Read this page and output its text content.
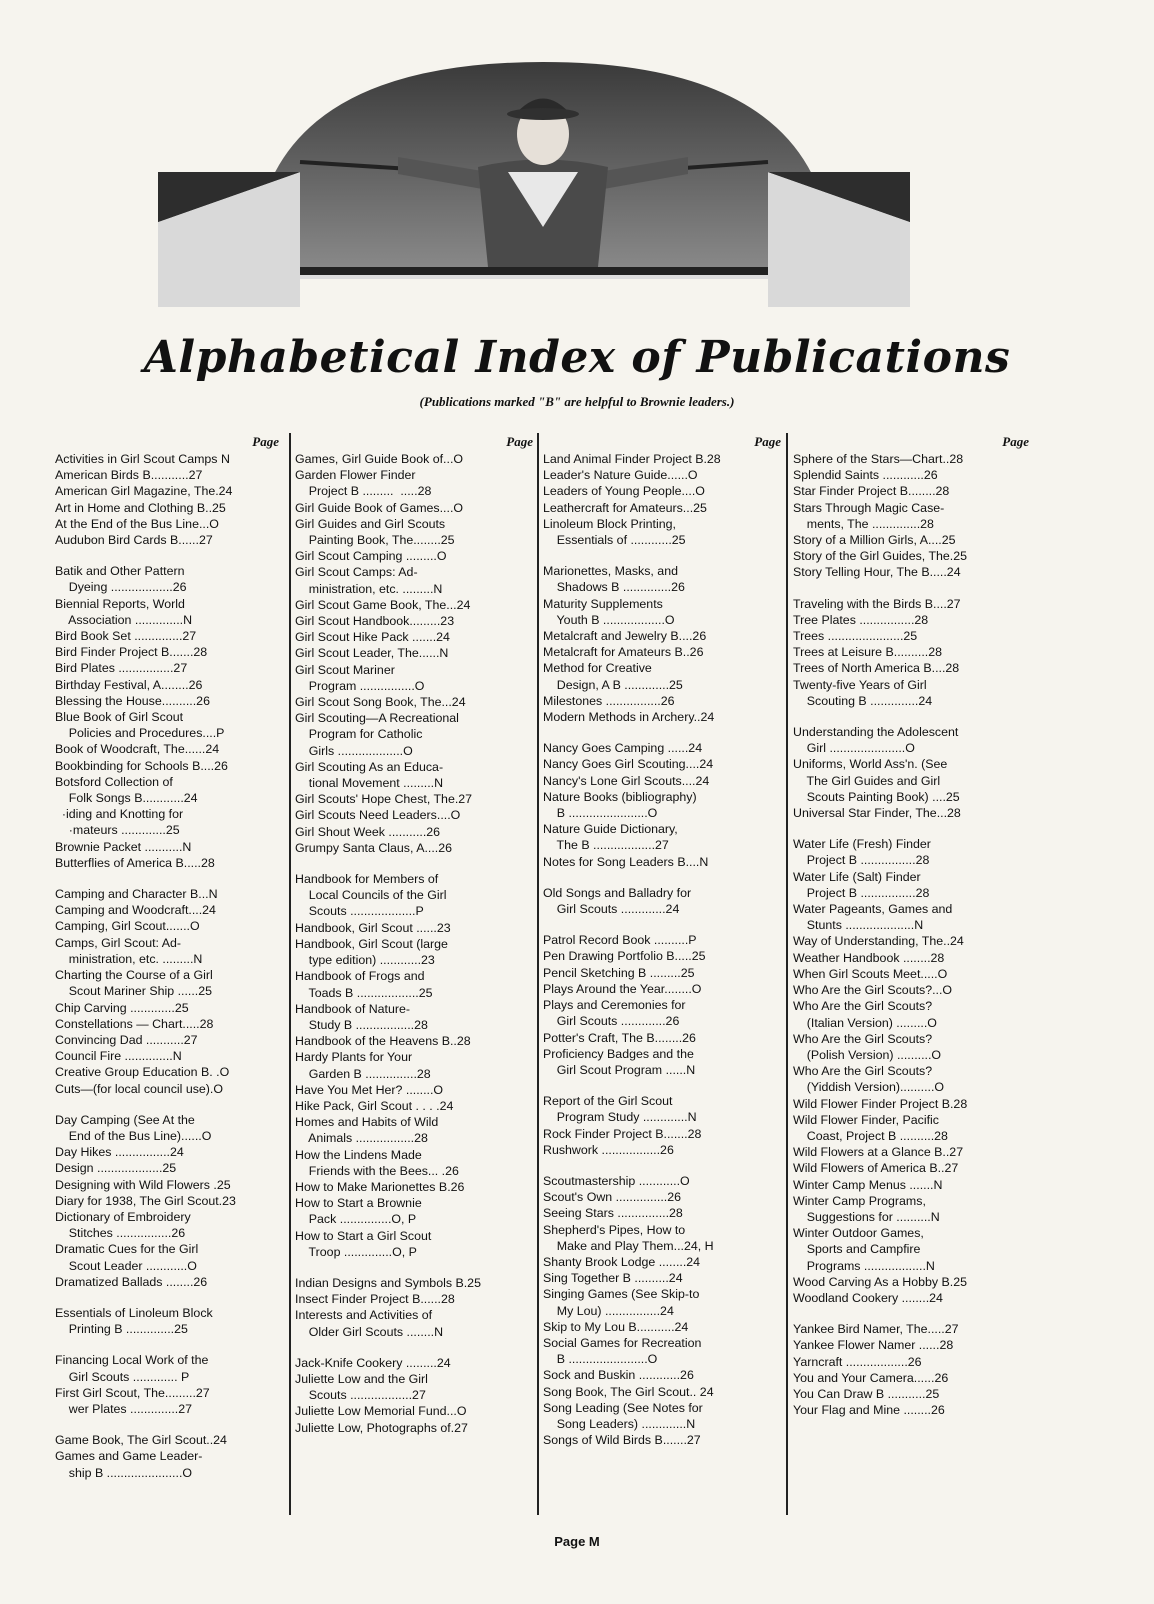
Alphabetical Index of Publications
(Publications marked "B" are helpful to Brownie leaders.)
Page
Activities in Girl Scout Camps N
American Birds B...........27
American Girl Magazine, The.24
Art in Home and Clothing B..25
At the End of the Bus Line...O
Audubon Bird Cards B......27
Batik and Other Pattern
Dyeing ..................26
Biennial Reports, World
Association ..............N
Bird Book Set ..............27
Bird Finder Project B.......28
Bird Plates ................27
Birthday Festival, A........26
Blessing the House..........26
Blue Book of Girl Scout
Policies and Procedures....P
Book of Woodcraft, The......24
Bookbinding for Schools B....26
Botsford Collection of
Folk Songs B............24
·iding and Knotting for
·mateurs .............25
Brownie Packet ...........N
Butterflies of America B.....28
Camping and Character B...N
Camping and Woodcraft....24
Camping, Girl Scout.......O
Camps, Girl Scout: Ad-
ministration, etc. .........N
Charting the Course of a Girl
Scout Mariner Ship ......25
Chip Carving .............25
Constellations — Chart.....28
Convincing Dad ...........27
Council Fire ..............N
Creative Group Education B. .O
Cuts—(for local council use).O
Day Camping (See At the
End of the Bus Line)......O
Day Hikes ................24
Design ...................25
Designing with Wild Flowers .25
Diary for 1938, The Girl Scout.23
Dictionary of Embroidery
Stitches ................26
Dramatic Cues for the Girl
Scout Leader ............O
Dramatized Ballads ........26
Essentials of Linoleum Block
Printing B ..............25
Financing Local Work of the
Girl Scouts ............. P
First Girl Scout, The.........27
wer Plates ..............27
Game Book, The Girl Scout..24
Games and Game Leader-
ship B ......................O
Page
Games, Girl Guide Book of...O
Garden Flower Finder
Project B .........  .....28
Girl Guide Book of Games....O
Girl Guides and Girl Scouts
Painting Book, The........25
Girl Scout Camping .........O
Girl Scout Camps: Ad-
ministration, etc. .........N
Girl Scout Game Book, The...24
Girl Scout Handbook.........23
Girl Scout Hike Pack .......24
Girl Scout Leader, The......N
Girl Scout Mariner
Program ................O
Girl Scout Song Book, The...24
Girl Scouting—A Recreational
Program for Catholic
Girls ...................O
Girl Scouting As an Educa-
tional Movement .........N
Girl Scouts' Hope Chest, The.27
Girl Scouts Need Leaders....O
Girl Shout Week ...........26
Grumpy Santa Claus, A....26
Handbook for Members of
Local Councils of the Girl
Scouts ...................P
Handbook, Girl Scout ......23
Handbook, Girl Scout (large
type edition) ............23
Handbook of Frogs and
Toads B ..................25
Handbook of Nature-
Study B .................28
Handbook of the Heavens B..28
Hardy Plants for Your
Garden B ...............28
Have You Met Her? ........O
Hike Pack, Girl Scout . . . .24
Homes and Habits of Wild
Animals .................28
How the Lindens Made
Friends with the Bees... .26
How to Make Marionettes B.26
How to Start a Brownie
Pack ...............O, P
How to Start a Girl Scout
Troop ..............O, P
Indian Designs and Symbols B.25
Insect Finder Project B......28
Interests and Activities of
Older Girl Scouts ........N
Jack-Knife Cookery .........24
Juliette Low and the Girl
Scouts ..................27
Juliette Low Memorial Fund...O
Juliette Low, Photographs of.27
Page
Land Animal Finder Project B.28
Leader's Nature Guide......O
Leaders of Young People....O
Leathercraft for Amateurs...25
Linoleum Block Printing,
Essentials of ............25
Marionettes, Masks, and
Shadows B ..............26
Maturity Supplements
Youth B ..................O
Metalcraft and Jewelry B....26
Metalcraft for Amateurs B..26
Method for Creative
Design, A B .............25
Milestones ................26
Modern Methods in Archery..24
Nancy Goes Camping ......24
Nancy Goes Girl Scouting....24
Nancy's Lone Girl Scouts....24
Nature Books (bibliography)
B .......................O
Nature Guide Dictionary,
The B ..................27
Notes for Song Leaders B....N
Old Songs and Balladry for
Girl Scouts .............24
Patrol Record Book ..........P
Pen Drawing Portfolio B.....25
Pencil Sketching B .........25
Plays Around the Year........O
Plays and Ceremonies for
Girl Scouts .............26
Potter's Craft, The B........26
Proficiency Badges and the
Girl Scout Program ......N
Report of the Girl Scout
Program Study .............N
Rock Finder Project B.......28
Rushwork .................26
Scoutmastership ............O
Scout's Own ...............26
Seeing Stars ...............28
Shepherd's Pipes, How to
Make and Play Them...24, H
Shanty Brook Lodge ........24
Sing Together B ..........24
Singing Games (See Skip-to
My Lou) ................24
Skip to My Lou B...........24
Social Games for Recreation
B .......................O
Sock and Buskin ............26
Song Book, The Girl Scout.. 24
Song Leading (See Notes for
Song Leaders) .............N
Songs of Wild Birds B.......27
Page
Sphere of the Stars—Chart..28
Splendid Saints ............26
Star Finder Project B........28
Stars Through Magic Case-
ments, The ..............28
Story of a Million Girls, A....25
Story of the Girl Guides, The.25
Story Telling Hour, The B.....24
Traveling with the Birds B....27
Tree Plates ................28
Trees ......................25
Trees at Leisure B..........28
Trees of North America B....28
Twenty-five Years of Girl
Scouting B ..............24
Understanding the Adolescent
Girl ......................O
Uniforms, World Ass'n. (See
The Girl Guides and Girl
Scouts Painting Book) ....25
Universal Star Finder, The...28
Water Life (Fresh) Finder
Project B ................28
Water Life (Salt) Finder
Project B ................28
Water Pageants, Games and
Stunts ....................N
Way of Understanding, The..24
Weather Handbook ........28
When Girl Scouts Meet.....O
Who Are the Girl Scouts?...O
Who Are the Girl Scouts?
(Italian Version) .........O
Who Are the Girl Scouts?
(Polish Version) ..........O
Who Are the Girl Scouts?
(Yiddish Version)..........O
Wild Flower Finder Project B.28
Wild Flower Finder, Pacific
Coast, Project B ..........28
Wild Flowers at a Glance B..27
Wild Flowers of America B..27
Winter Camp Menus .......N
Winter Camp Programs,
Suggestions for ..........N
Winter Outdoor Games,
Sports and Campfire
Programs ..................N
Wood Carving As a Hobby B.25
Woodland Cookery ........24
Yankee Bird Namer, The.....27
Yankee Flower Namer ......28
Yarncraft ..................26
You and Your Camera......26
You Can Draw B ...........25
Your Flag and Mine ........26
Page M
